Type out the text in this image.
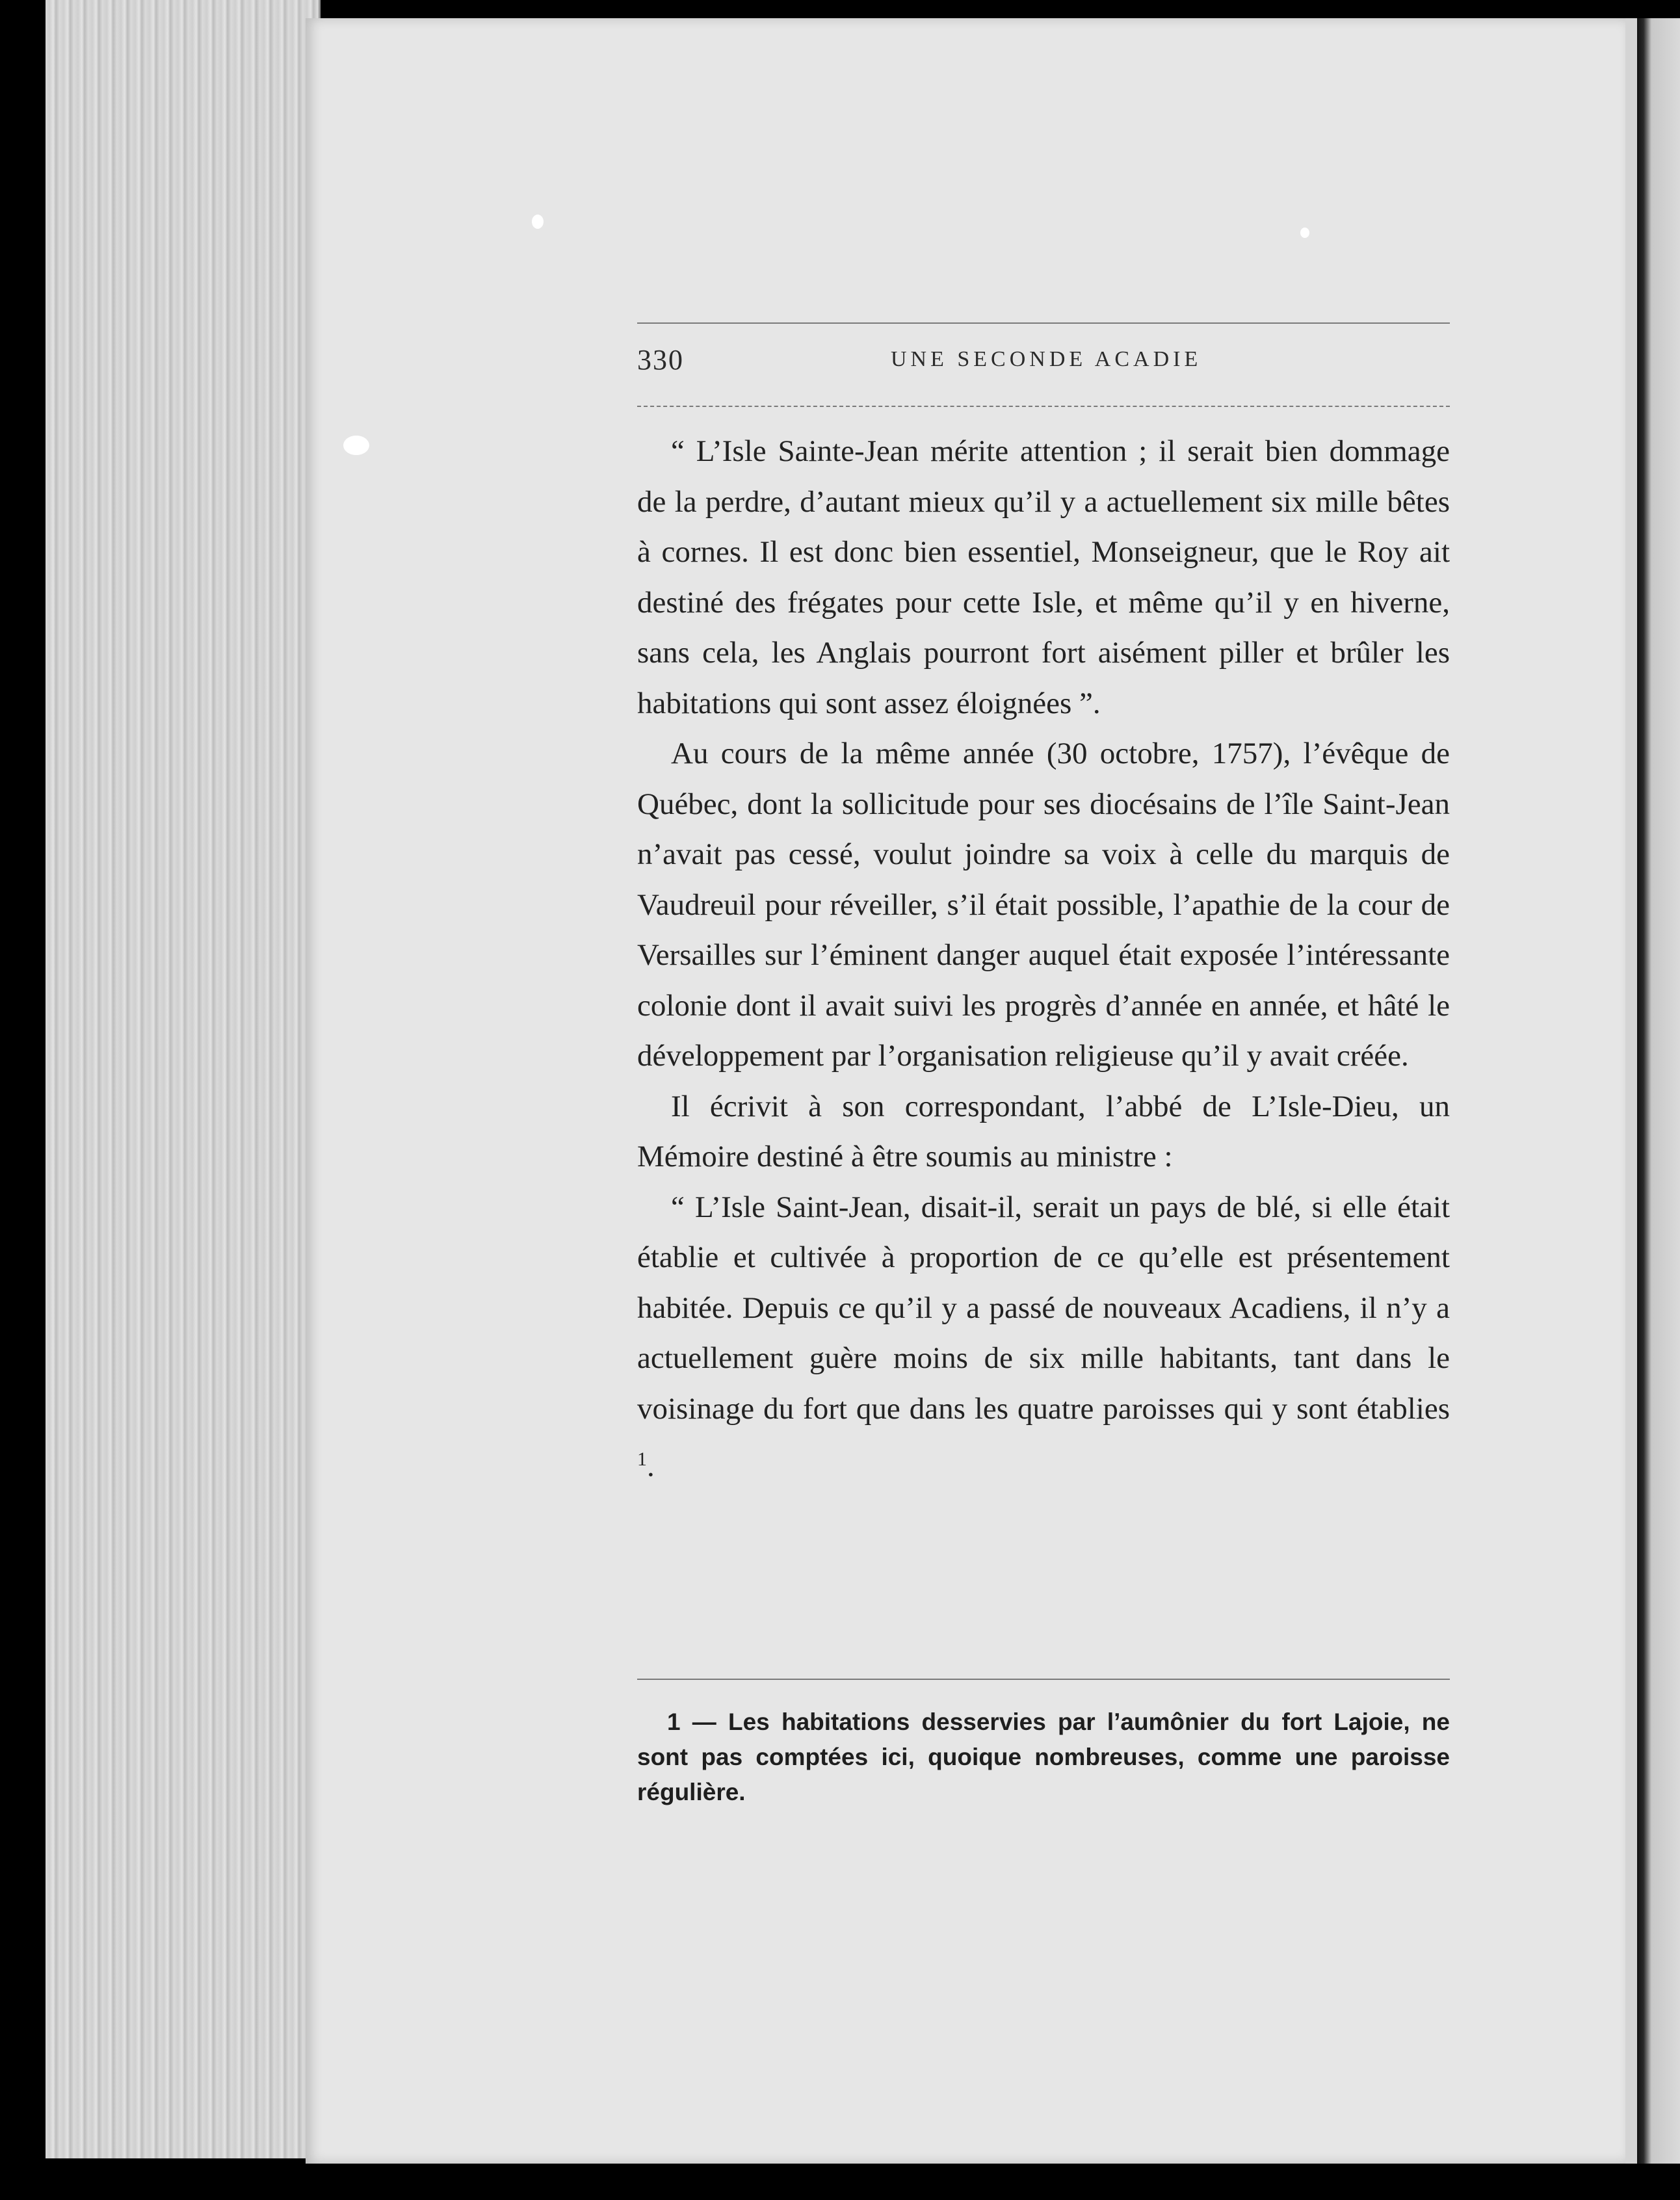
330	UNE SECONDE ACADIE

“ L’Isle Sainte-Jean mérite attention ; il serait bien dommage de la perdre, d’autant mieux qu’il y a actuellement six mille bêtes à cornes. Il est donc bien essentiel, Monseigneur, que le Roy ait destiné des frégates pour cette Isle, et même qu’il y en hiverne, sans cela, les Anglais pourront fort aisément piller et brûler les habitations qui sont assez éloignées ”.

Au cours de la même année (30 octobre, 1757), l’évêque de Québec, dont la sollicitude pour ses diocésains de l’île Saint-Jean n’avait pas cessé, voulut joindre sa voix à celle du marquis de Vaudreuil pour réveiller, s’il était possible, l’apathie de la cour de Versailles sur l’éminent danger auquel était exposée l’intéressante colonie dont il avait suivi les progrès d’année en année, et hâté le développement par l’organisation religieuse qu’il y avait créée.

Il écrivit à son correspondant, l’abbé de L’Isle-Dieu, un Mémoire destiné à être soumis au ministre :

“ L’Isle Saint-Jean, disait-il, serait un pays de blé, si elle était établie et cultivée à proportion de ce qu’elle est présentement habitée. Depuis ce qu’il y a passé de nouveaux Acadiens, il n’y a actuellement guère moins de six mille habitants, tant dans le voisinage du fort que dans les quatre paroisses qui y sont établies $^1$.

1 — Les habitations desservies par l’aumônier du fort Lajoie, ne sont pas comptées ici, quoique nombreuses, comme une paroisse régulière.
